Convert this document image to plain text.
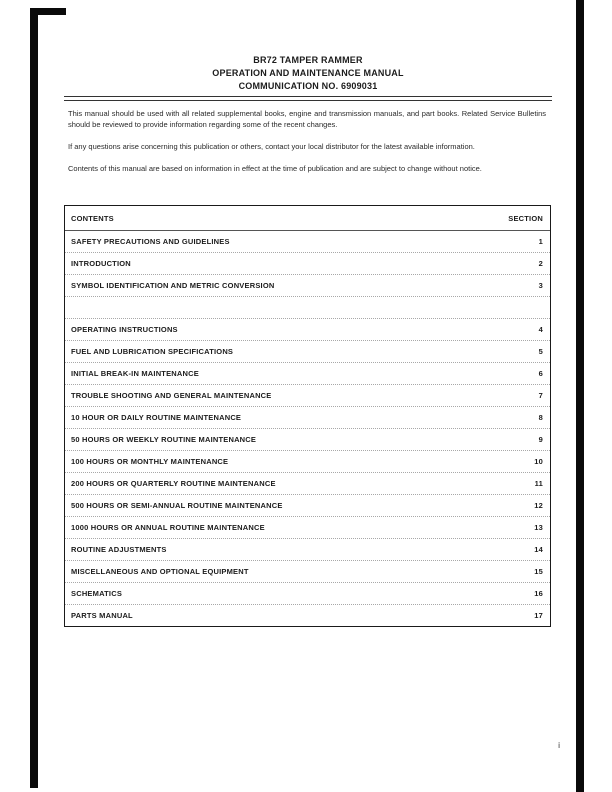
BR72 TAMPER RAMMER
OPERATION AND MAINTENANCE MANUAL
COMMUNICATION NO. 6909031

This manual should be used with all related supplemental books, engine and transmission manuals, and part books. Related Service Bulletins should be reviewed to provide information regarding some of the recent changes.

If any questions arise concerning this publication or others, contact your local distributor for the latest available information.

Contents of this manual are based on information in effect at the time of publication and are subject to change without notice.

CONTENTS	SECTION
SAFETY PRECAUTIONS AND GUIDELINES	1
INTRODUCTION	2
SYMBOL IDENTIFICATION AND METRIC CONVERSION	3
OPERATING INSTRUCTIONS	4
FUEL AND LUBRICATION SPECIFICATIONS	5
INITIAL BREAK-IN MAINTENANCE	6
TROUBLE SHOOTING AND GENERAL MAINTENANCE	7
10 HOUR OR DAILY ROUTINE MAINTENANCE	8
50 HOURS OR WEEKLY ROUTINE MAINTENANCE	9
100 HOURS OR MONTHLY MAINTENANCE	10
200 HOURS OR QUARTERLY ROUTINE MAINTENANCE	11
500 HOURS OR SEMI-ANNUAL ROUTINE MAINTENANCE	12
1000 HOURS OR ANNUAL ROUTINE MAINTENANCE	13
ROUTINE ADJUSTMENTS	14
MISCELLANEOUS AND OPTIONAL EQUIPMENT	15
SCHEMATICS	16
PARTS MANUAL	17
i
